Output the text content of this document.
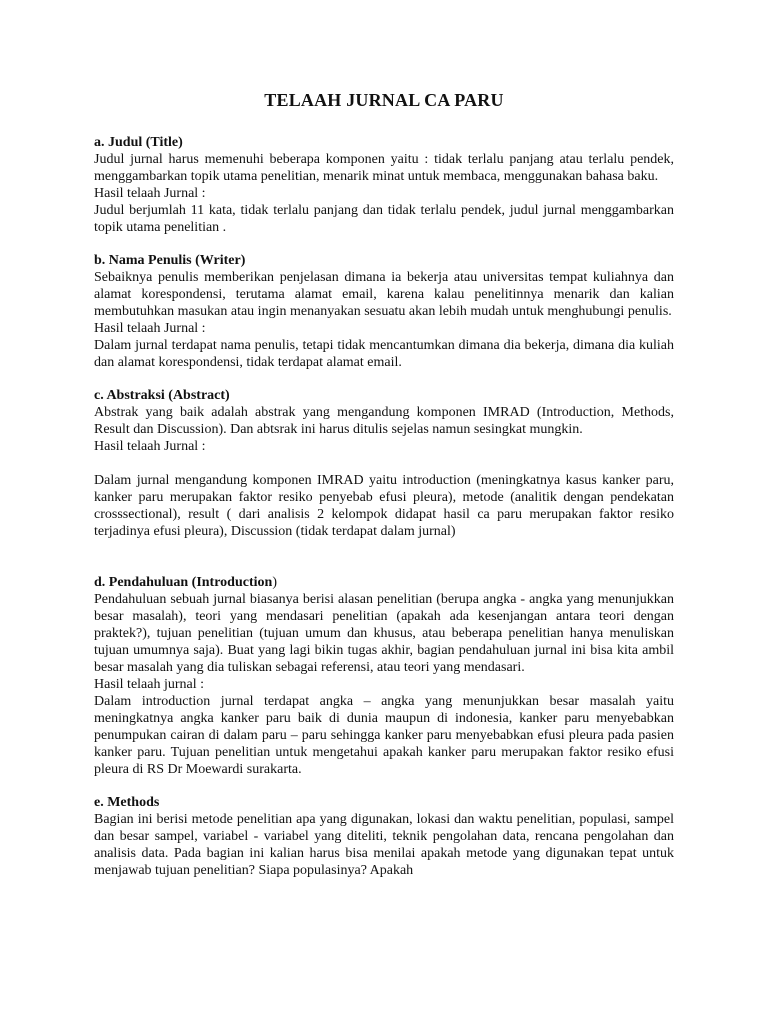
TELAAH JURNAL CA PARU

a. Judul (Title)

Judul jurnal harus memenuhi beberapa komponen yaitu : tidak terlalu panjang atau terlalu pendek, menggambarkan topik utama penelitian, menarik minat untuk membaca, menggunakan bahasa baku.

Hasil telaah Jurnal :

Judul berjumlah 11 kata, tidak terlalu panjang dan tidak terlalu pendek, judul jurnal menggambarkan topik utama penelitian .

b. Nama Penulis (Writer)

Sebaiknya penulis memberikan penjelasan dimana ia bekerja atau universitas tempat kuliahnya dan alamat korespondensi, terutama alamat email, karena kalau penelitinnya menarik dan kalian membutuhkan masukan atau ingin menanyakan sesuatu akan lebih mudah untuk menghubungi penulis.

Hasil telaah Jurnal :

Dalam jurnal terdapat nama penulis, tetapi tidak mencantumkan dimana dia bekerja, dimana dia kuliah dan alamat korespondensi, tidak terdapat alamat email.

c. Abstraksi (Abstract)

Abstrak yang baik adalah abstrak yang mengandung komponen IMRAD (Introduction, Methods, Result dan Discussion). Dan abtsrak ini harus ditulis sejelas namun sesingkat mungkin.

Hasil telaah Jurnal :

Dalam jurnal mengandung komponen IMRAD yaitu introduction (meningkatnya kasus kanker paru, kanker paru merupakan faktor resiko penyebab efusi pleura), metode (analitik dengan pendekatan crosssectional), result ( dari analisis 2 kelompok didapat hasil ca paru merupakan faktor resiko terjadinya efusi pleura), Discussion (tidak terdapat dalam jurnal)

d. Pendahuluan (Introduction)

Pendahuluan sebuah jurnal biasanya berisi alasan penelitian (berupa angka - angka yang menunjukkan besar masalah), teori yang mendasari penelitian (apakah ada kesenjangan antara teori dengan praktek?), tujuan penelitian (tujuan umum dan khusus, atau beberapa penelitian hanya menuliskan tujuan umumnya saja). Buat yang lagi bikin tugas akhir, bagian pendahuluan jurnal ini bisa kita ambil besar masalah yang dia tuliskan sebagai referensi, atau teori yang mendasari.

Hasil telaah jurnal :

Dalam introduction jurnal terdapat angka – angka yang menunjukkan besar masalah yaitu meningkatnya angka kanker paru baik di dunia maupun di indonesia, kanker paru menyebabkan penumpukan cairan di dalam paru – paru sehingga kanker paru menyebabkan efusi pleura pada pasien kanker paru. Tujuan penelitian untuk mengetahui apakah kanker paru merupakan faktor resiko efusi pleura di RS Dr Moewardi surakarta.

e. Methods

Bagian ini berisi metode penelitian apa yang digunakan, lokasi dan waktu penelitian, populasi, sampel dan besar sampel, variabel - variabel yang diteliti, teknik pengolahan data, rencana pengolahan dan analisis data. Pada bagian ini kalian harus bisa menilai apakah metode yang digunakan tepat untuk menjawab tujuan penelitian? Siapa populasinya? Apakah
